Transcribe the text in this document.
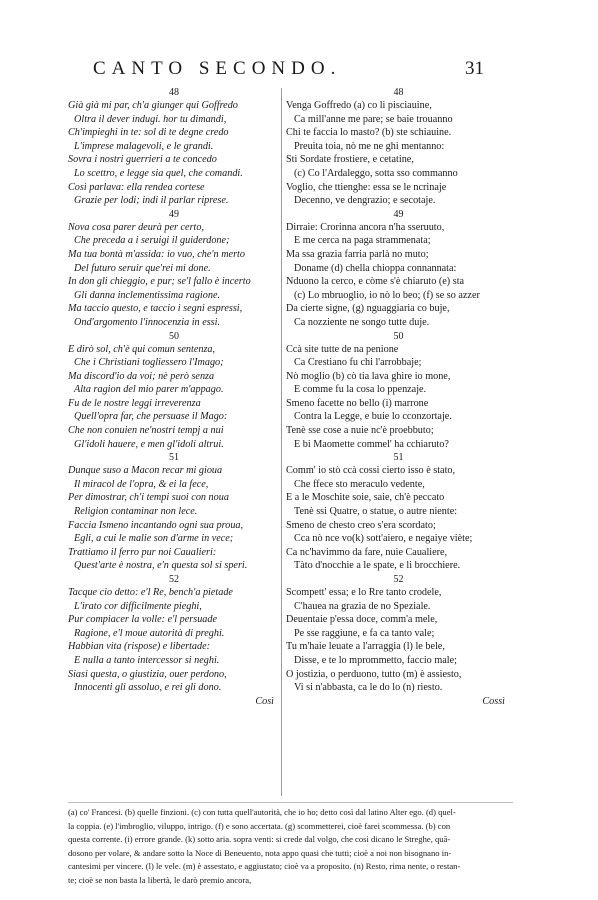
CANTO SECONDO.	31
48
Già già mi par, ch'a giunger qui Goffredo
Oltra il dever indugi. hor tu dimandi,
Ch'impieghi in te: sol di te degne credo
L'imprese malagevoli, e le grandi.
Sovra i nostri guerrieri a te concedo
Lo scettro, e legge sia quel, che comandi.
Così parlava: ella rendea cortese
Grazie per lodi; indi il parlar riprese.
49
Nova cosa parer deurà per certo,
Che preceda a i seruigi il guiderdone;
Ma tua bontà m'assida: io vuo, che'n merto
Del futuro seruir que'rei mi done.
In don gli chieggio, e pur; se'l fallo è incerto
Gli danna inclementissima ragione.
Ma taccio questo, e taccio i segni espressi,
Ond'argomento l'innocenzia in essi.
50
E dirò sol, ch'è qui comun sentenza,
Che i Christiani togliessero l'Imago;
Ma discord'io da voi; nè però senza
Alta ragion del mio parer m'appago.
Fu de le nostre leggi irreverenza
Quell'opra far, che persuase il Mago:
Che non conuien ne'nostri tempj a nui
Gl'idoli hauere, e men gl'idoli altrui.
51
Dunque suso a Macon recar mi gioua
Il miracol de l'opra, & ei la fece,
Per dimostrar, ch'i tempi suoi con noua
Religion contaminar non lece.
Faccia Ismeno incantando ogni sua proua,
Egli, a cui le malie son d'arme in vece;
Trattiamo il ferro pur noi Caualieri:
Quest'arte è nostra, e'n questa sol si speri.
52
Tacque cio detto: e'l Re, bench'a pietade
L'irato cor difficilmente pieghi,
Pur compiacer la volle: e'l persuade
Ragione, e'l moue autorità di preghi.
Habbian vita (rispose) e libertade:
E nulla a tanto intercessor si neghi.
Siasi questa, o giustizia, ouer perdono,
Innocenti gli assoluo, e rei gli dono.
Così
48
Venga Goffredo (a) co li pisciauine,
Ca mill'anne me pare; se baie trouanno
Chi te faccia lo masto? (b) ste schiauine.
Preuita toia, nò me ne ghi mentanno:
Sti Sordate frostiere, e cetatine,
(c) Co l'Ardaleggo, sotta sso commanno
Voglio, che ttienghe: essa se le ncrinaje
Decenno, ve dengrazio; e secotaje.
49
Dirraie: Crorinna ancora n'ha sseruuto,
E me cerca na paga strammenata;
Ma ssa grazia farria parlà no muto;
Doname (d) chella chioppa connannata:
Nduono la cerco, e còme s'è chiaruto (e) sta
(c) Lo mbruoglio, io nò lo beo; (f) se so azzer
Da cierte signe, (g) nguaggiaria co buje,
Ca nozziente ne songo tutte duje.
50
Ccà site tutte de na penione
Ca Crestiano fu chi l'arrobbaje;
Nò moglio (b) cò tia lava ghire io mone,
E comme fu la cosa lo ppenzaje.
Smeno facette no bello (i) marrone
Contra la Legge, e buie lo cconzortaje.
Tenè sse cose a nuie nc'è proebbuto;
E bi Maomette commel' ha cchiaruto?
51
Comm' io stò ccà cossi cierto isso è stato,
Che ffece sto meraculo vedente,
E a le Moschite soie, saie, ch'è peccato
Tenè ssi Quatre, o statue, o autre niente:
Smeno de chesto creo s'era scordato;
Cca nò nce vo(k) sott'aiero, e negaiye viète;
Ca nc'havimmo da fare, nuie Caualiere,
Tàto d'nocchie a le spate, e li brocchiere.
52
Scompett' essa; e lo Rre tanto crodele,
C'hauea na grazia de no Speziale.
Deuentaie p'essa doce, comm'a mele,
Pe sse raggiune, e fa ca tanto vale;
Tu m'haie leuate a l'arraggia (l) le bele,
Disse, e te lo mprommetto, faccio male;
O jostizia, o perduono, tutto (m) è assiesto,
Vi si n'abbasta, ca le do lo (n) riesto.
Cossì
(a) co' Francesi. (b) quelle finzioni. (c) con tutta quell'autorità, che io ho; detto così dal latino Alter ego. (d) quel-
la coppia. (e) l'imbroglio, viluppo, intrigo. (f) e sono accertata. (g) scommetterei, cioè farei scommessa. (b) con
questa corrente. (i) errore grande. (k) sotto aria. sopra venti: si crede dal volgo, che così dicano le Streghe, quã-
dosono per volare, & andare sotto la Noce di Beneuento, nota appo quasi che tutti; cioè a noi non bisognano in-
cantesimi per vincere. (l) le vele. (m) è assestato, e aggiustato; cioè va a proposito. (n) Resto, rima nente, o restan-
te; cioè se non basta la libertà, le darò premio ancora,
